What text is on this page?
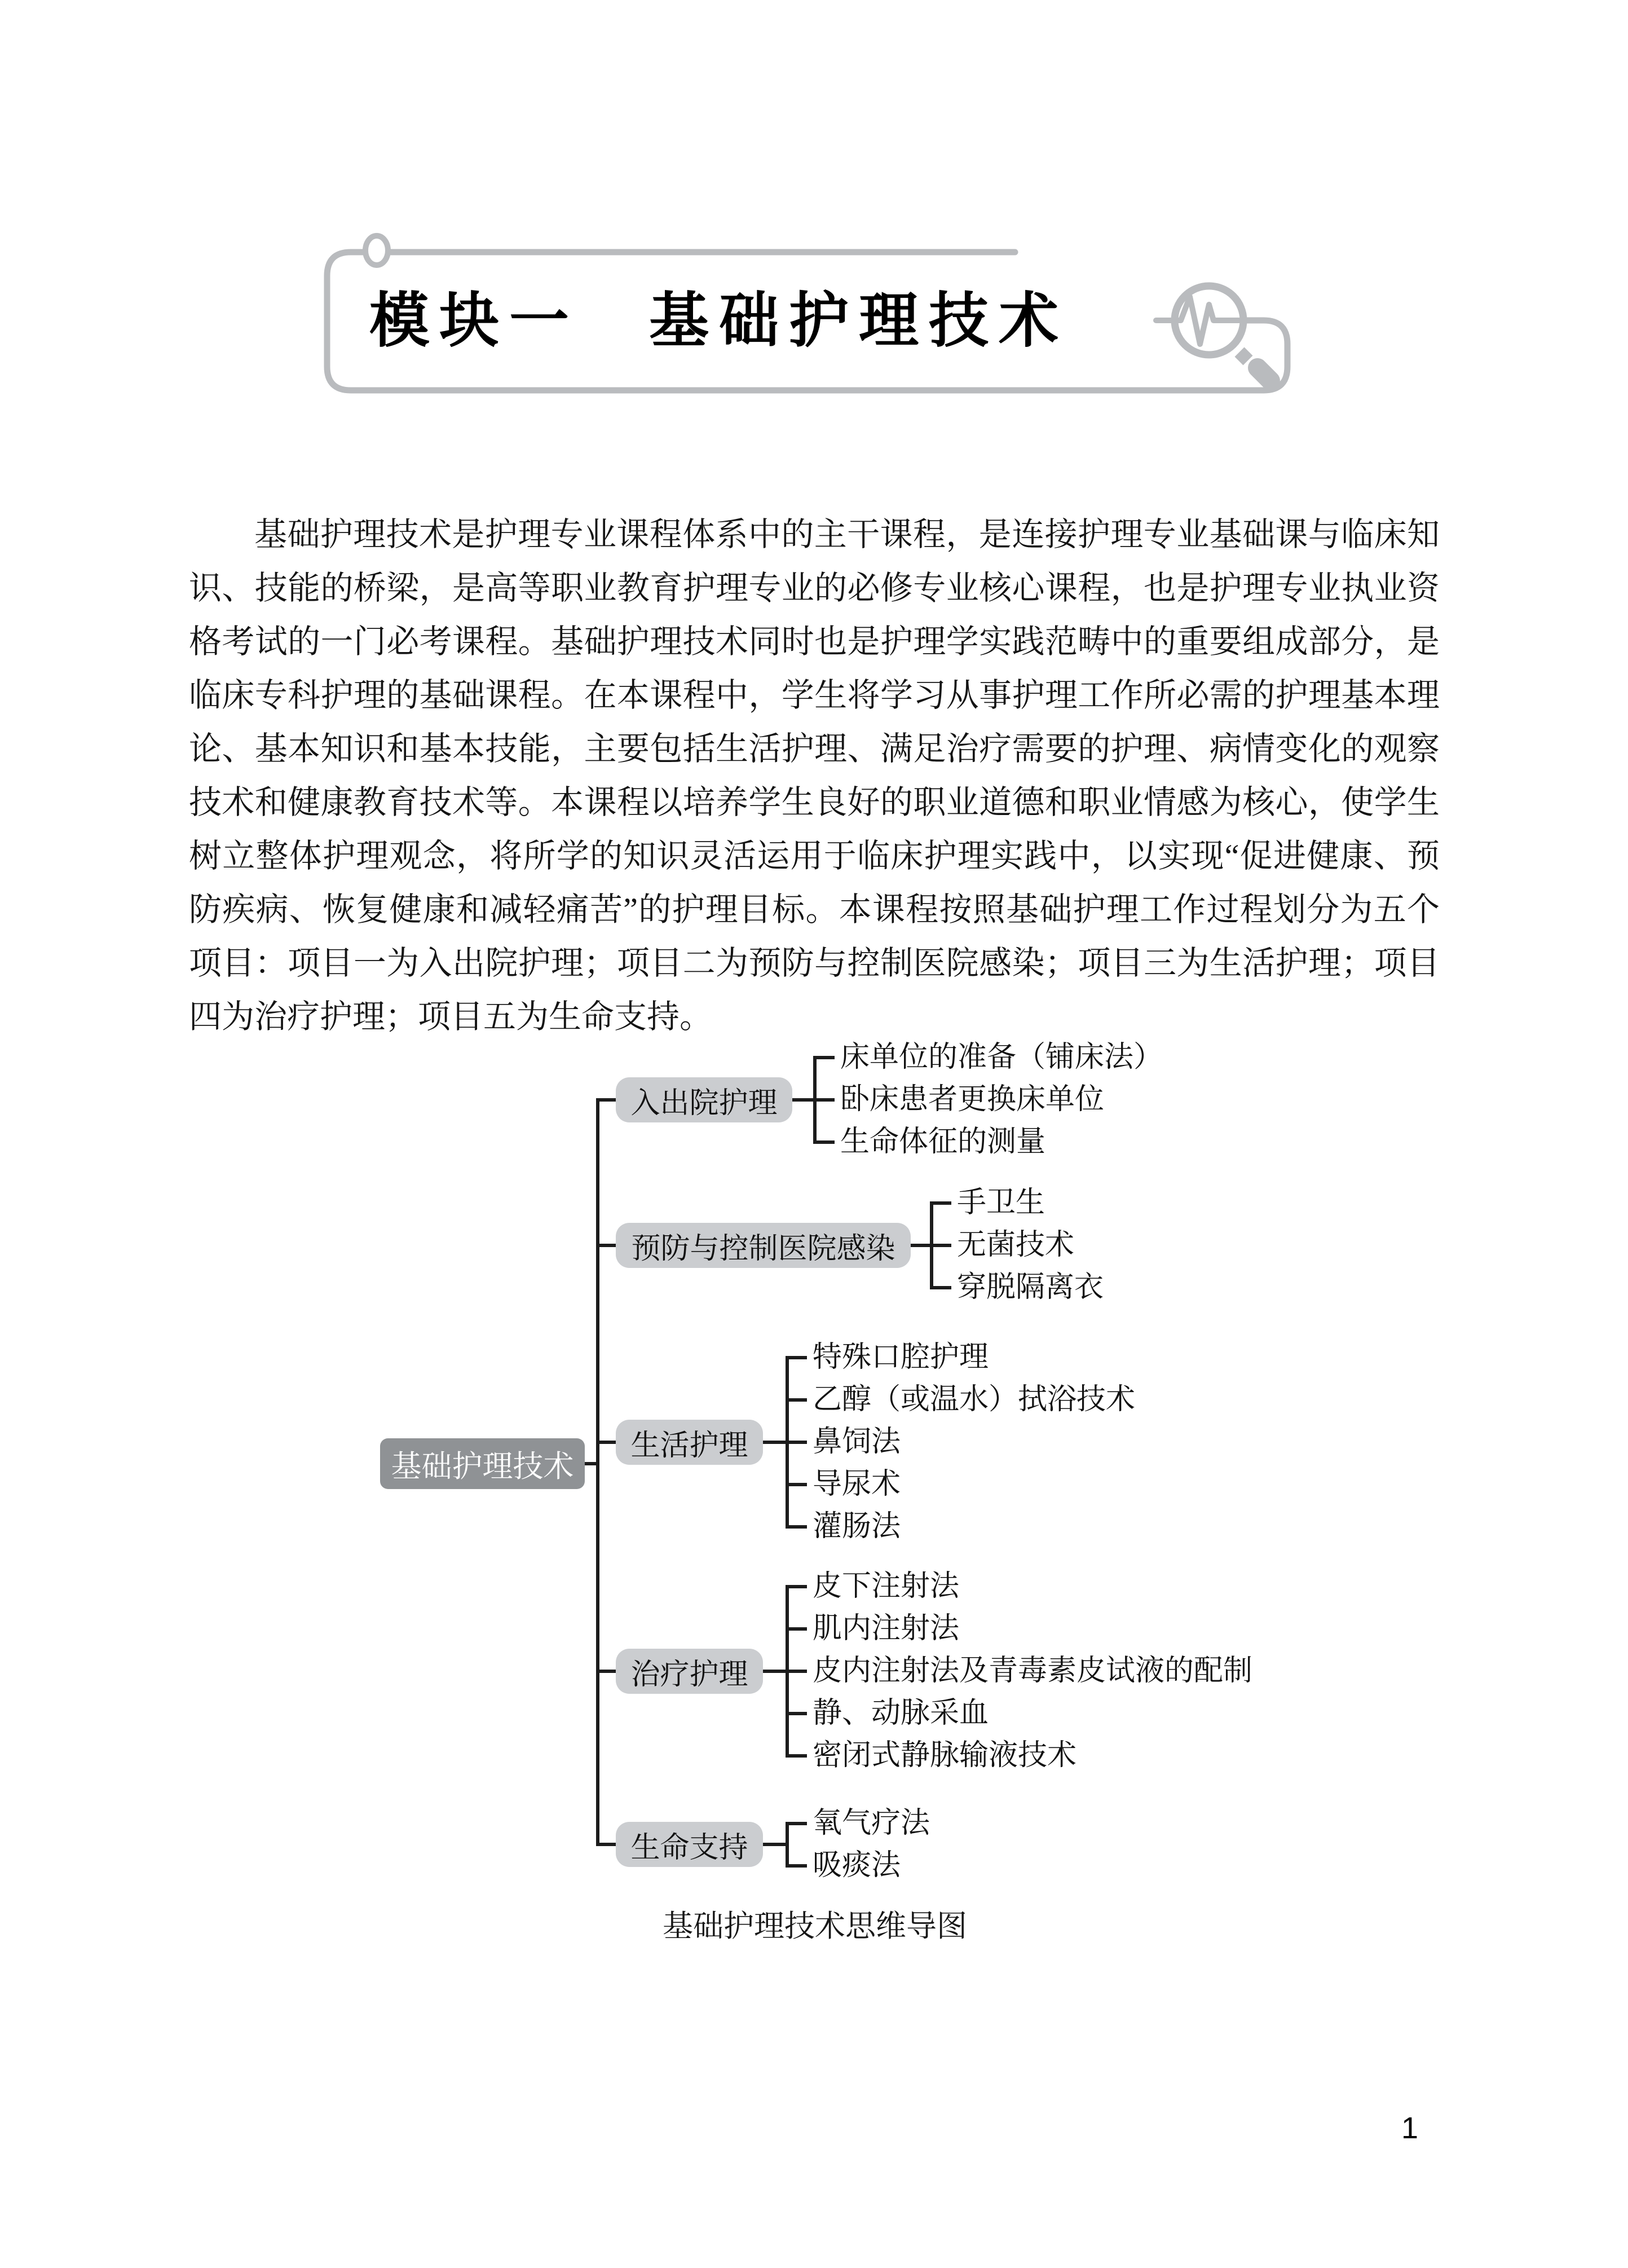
模块一　基础护理技术
基础护理技术是护理专业课程体系中的主干课程，是连接护理专业基础课与临床知识、技能的桥梁，是高等职业教育护理专业的必修专业核心课程，也是护理专业执业资格考试的一门必考课程。基础护理技术同时也是护理学实践范畴中的重要组成部分，是临床专科护理的基础课程。在本课程中，学生将学习从事护理工作所必需的护理基本理论、基本知识和基本技能，主要包括生活护理、满足治疗需要的护理、病情变化的观察技术和健康教育技术等。本课程以培养学生良好的职业道德和职业情感为核心，使学生树立整体护理观念，将所学的知识灵活运用于临床护理实践中，以实现“促进健康、预防疾病、恢复健康和减轻痛苦”的护理目标。本课程按照基础护理工作过程划分为五个项目：项目一为入出院护理；项目二为预防与控制医院感染；项目三为生活护理；项目四为治疗护理；项目五为生命支持。
基础护理技术
入出院护理
床单位的准备（铺床法）
卧床患者更换床单位
生命体征的测量
预防与控制医院感染
手卫生
无菌技术
穿脱隔离衣
生活护理
特殊口腔护理
乙醇（或温水）拭浴技术
鼻饲法
导尿术
灌肠法
治疗护理
皮下注射法
肌内注射法
皮内注射法及青毒素皮试液的配制
静、动脉采血
密闭式静脉输液技术
生命支持
氧气疗法
吸痰法
基础护理技术思维导图
1
